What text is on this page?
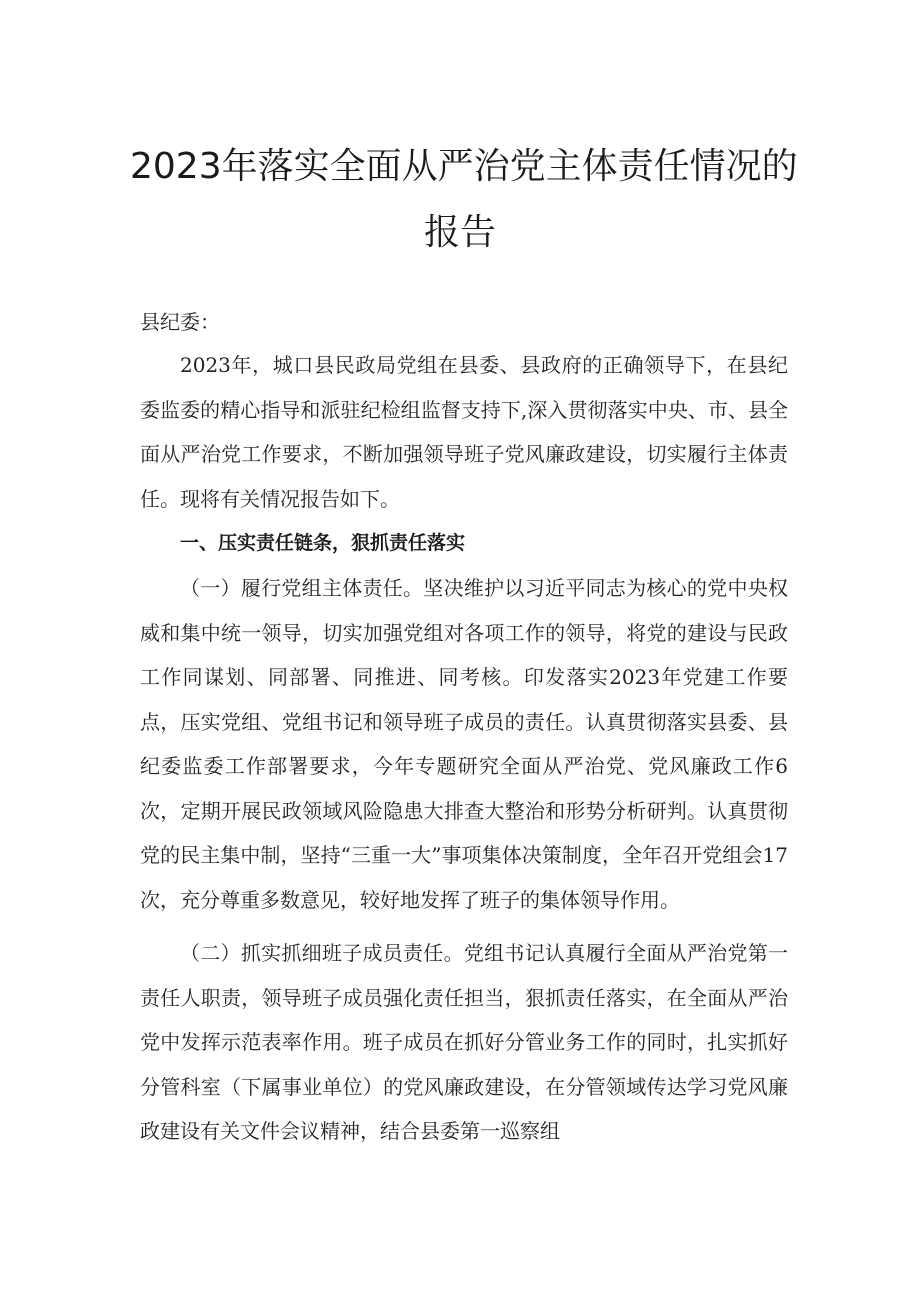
2023年落实全面从严治党主体责任情况的
报告

县纪委：

2023年，城口县民政局党组在县委、县政府的正确领导下，在县纪委监委的精心指导和派驻纪检组监督支持下,深入贯彻落实中央、市、县全面从严治党工作要求，不断加强领导班子党风廉政建设，切实履行主体责任。现将有关情况报告如下。

一、压实责任链条，狠抓责任落实

（一）履行党组主体责任。坚决维护以习近平同志为核心的党中央权威和集中统一领导，切实加强党组对各项工作的领导，将党的建设与民政工作同谋划、同部署、同推进、同考核。印发落实2023年党建工作要点，压实党组、党组书记和领导班子成员的责任。认真贯彻落实县委、县纪委监委工作部署要求，今年专题研究全面从严治党、党风廉政工作6次，定期开展民政领域风险隐患大排查大整治和形势分析研判。认真贯彻党的民主集中制，坚持“三重一大”事项集体决策制度，全年召开党组会17次，充分尊重多数意见，较好地发挥了班子的集体领导作用。

（二）抓实抓细班子成员责任。党组书记认真履行全面从严治党第一责任人职责，领导班子成员强化责任担当，狠抓责任落实，在全面从严治党中发挥示范表率作用。班子成员在抓好分管业务工作的同时，扎实抓好分管科室（下属事业单位）的党风廉政建设，在分管领域传达学习党风廉政建设有关文件会议精神，结合县委第一巡察组
